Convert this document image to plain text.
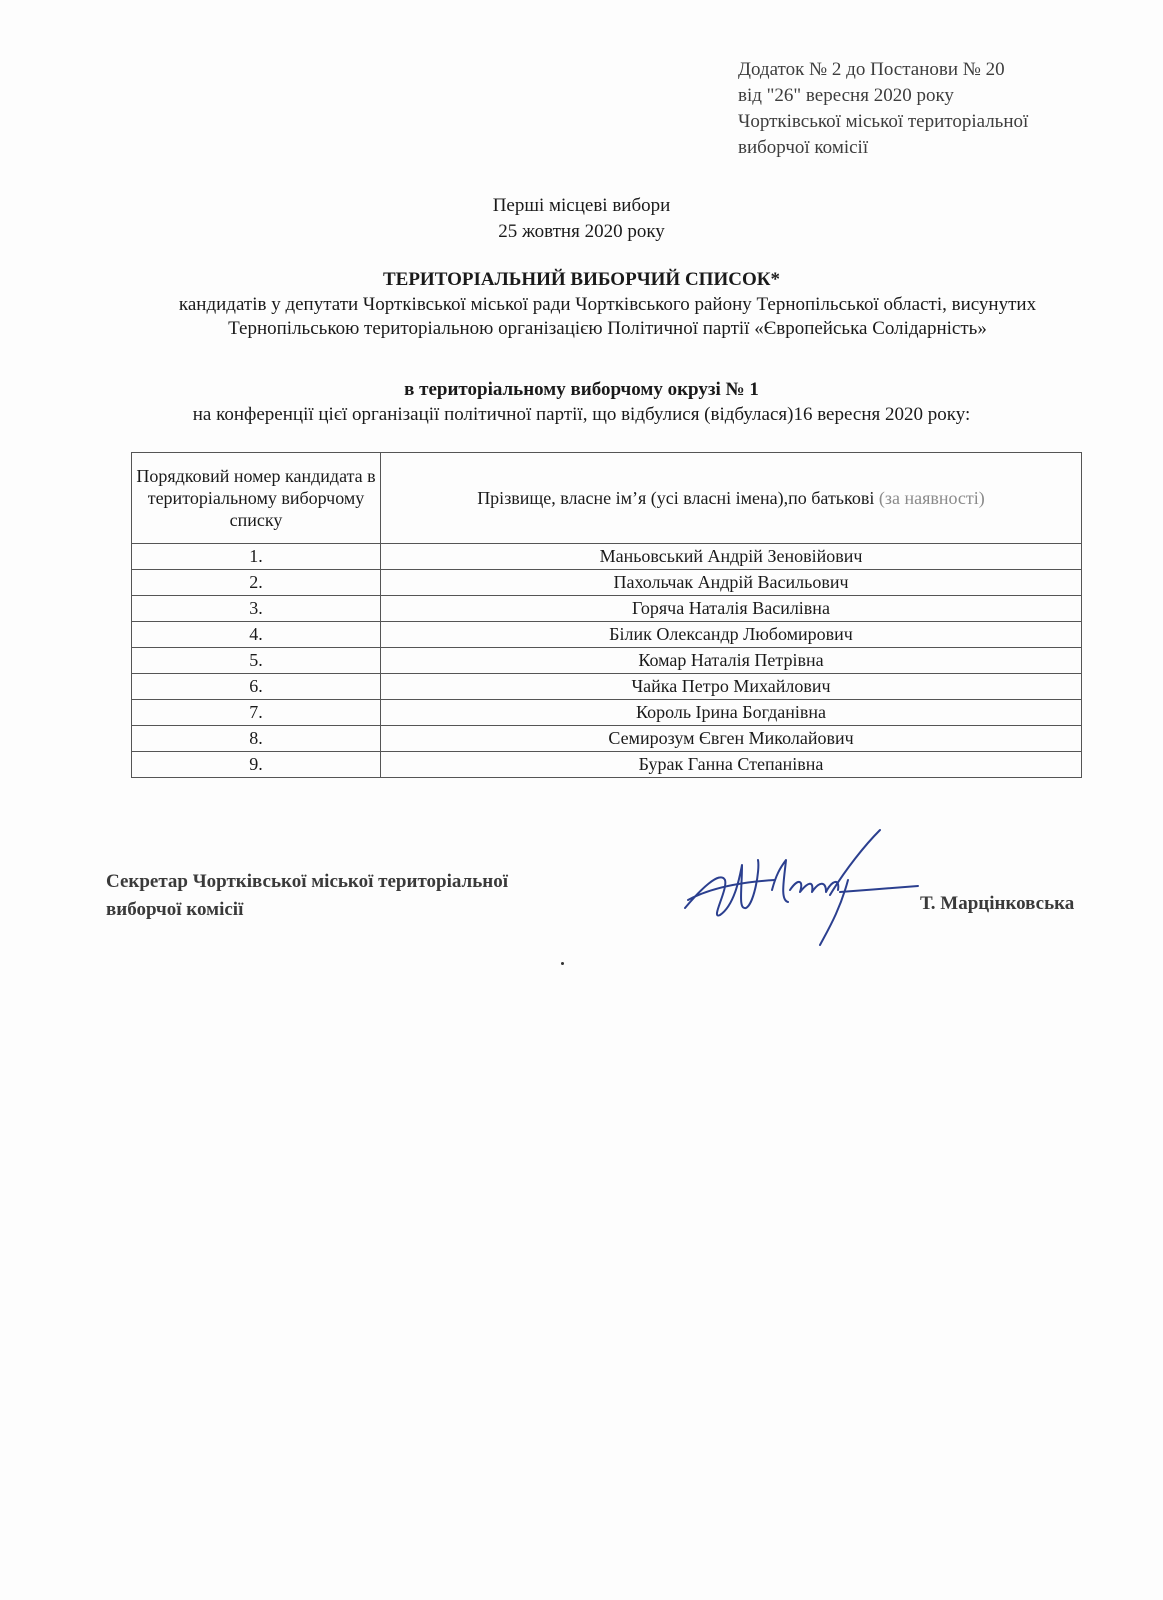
Додаток № 2 до Постанови № 20
від "26" вересня 2020 року
Чортківської міської територіальної
виборчої комісії
Перші місцеві вибори
25 жовтня 2020 року
ТЕРИТОРІАЛЬНИЙ ВИБОРЧИЙ СПИСОК*
кандидатів у депутати Чортківської міської ради Чортківського району Тернопільської області, висунутих Тернопільською територіальною організацією Політичної партії «Європейська Солідарність»
в територіальному виборчому окрузі № 1
на конференції цієї організації політичної партії, що відбулися (відбулася)16 вересня 2020 року:
Порядковий номер кандидата в територіальному виборчому списку	Прізвище, власне ім’я (усі власні імена),по батькові (за наявності)
1.	Маньовський Андрій Зеновійович
2.	Пахольчак Андрій Васильович
3.	Горяча Наталія Василівна
4.	Білик Олександр Любомирович
5.	Комар Наталія Петрівна
6.	Чайка Петро Михайлович
7.	Король Ірина Богданівна
8.	Семирозум Євген Миколайович
9.	Бурак Ганна Степанівна
Секретар Чортківської міської територіальної
виборчої комісії	Т. Марцінковська
